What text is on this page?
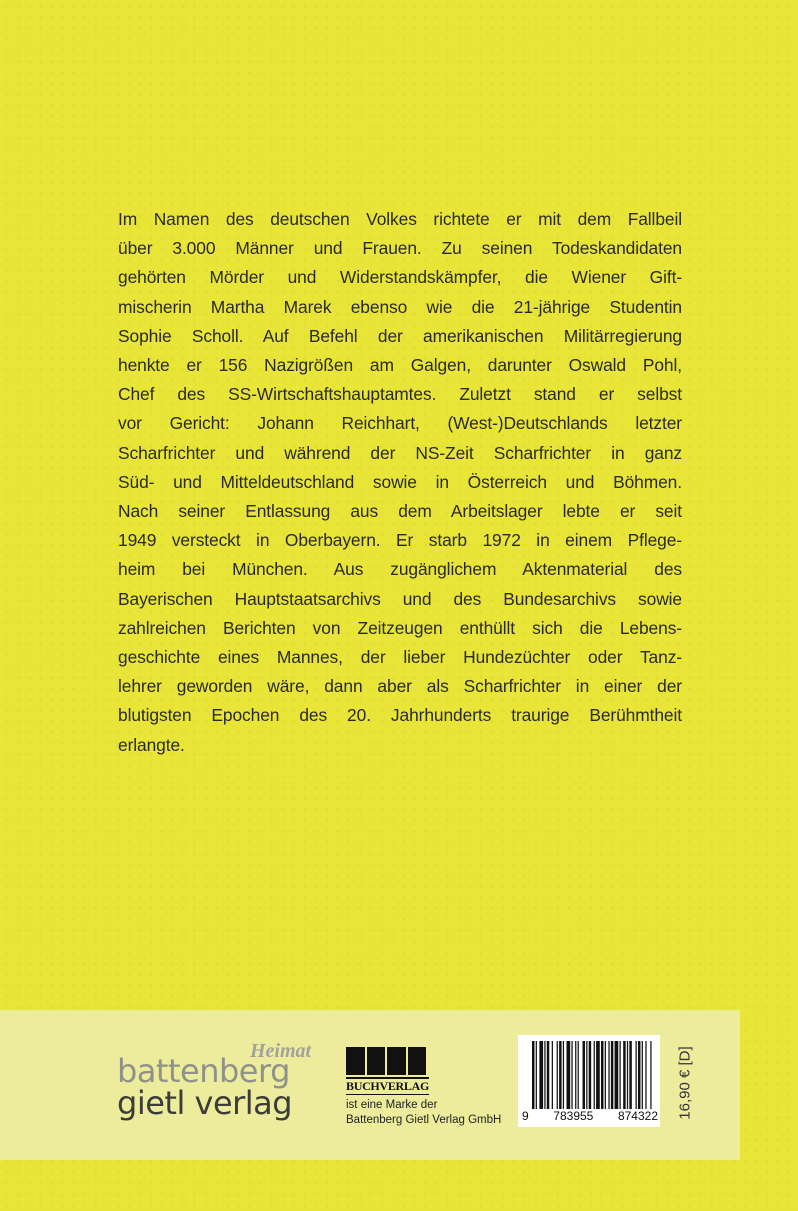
Im Namen des deutschen Volkes richtete er mit dem Fallbeil
über 3.000 Männer und Frauen. Zu seinen Todeskandidaten
gehörten Mörder und Widerstandskämpfer, die Wiener Gift-
mischerin Martha Marek ebenso wie die 21-jährige Studentin
Sophie Scholl. Auf Befehl der amerikanischen Militärregierung
henkte er 156 Nazigrößen am Galgen, darunter Oswald Pohl,
Chef des SS-Wirtschaftshauptamtes. Zuletzt stand er selbst
vor Gericht: Johann Reichhart, (West-)Deutschlands letzter
Scharfrichter und während der NS-Zeit Scharfrichter in ganz
Süd- und Mitteldeutschland sowie in Österreich und Böhmen.
Nach seiner Entlassung aus dem Arbeitslager lebte er seit
1949 versteckt in Oberbayern. Er starb 1972 in einem Pflege-
heim bei München. Aus zugänglichem Aktenmaterial des
Bayerischen Hauptstaatsarchivs und des Bundesarchivs sowie
zahlreichen Berichten von Zeitzeugen enthüllt sich die Lebens-
geschichte eines Mannes, der lieber Hundezüchter oder Tanz-
lehrer geworden wäre, dann aber als Scharfrichter in einer der
blutigsten Epochen des 20. Jahrhunderts traurige Berühmtheit
erlangte.
Heimat
battenberg
gietl verlag	BUCHVERLAG
ist eine Marke der
Battenberg Gietl Verlag GmbH	9 783955 874322 16,90 € [D]
